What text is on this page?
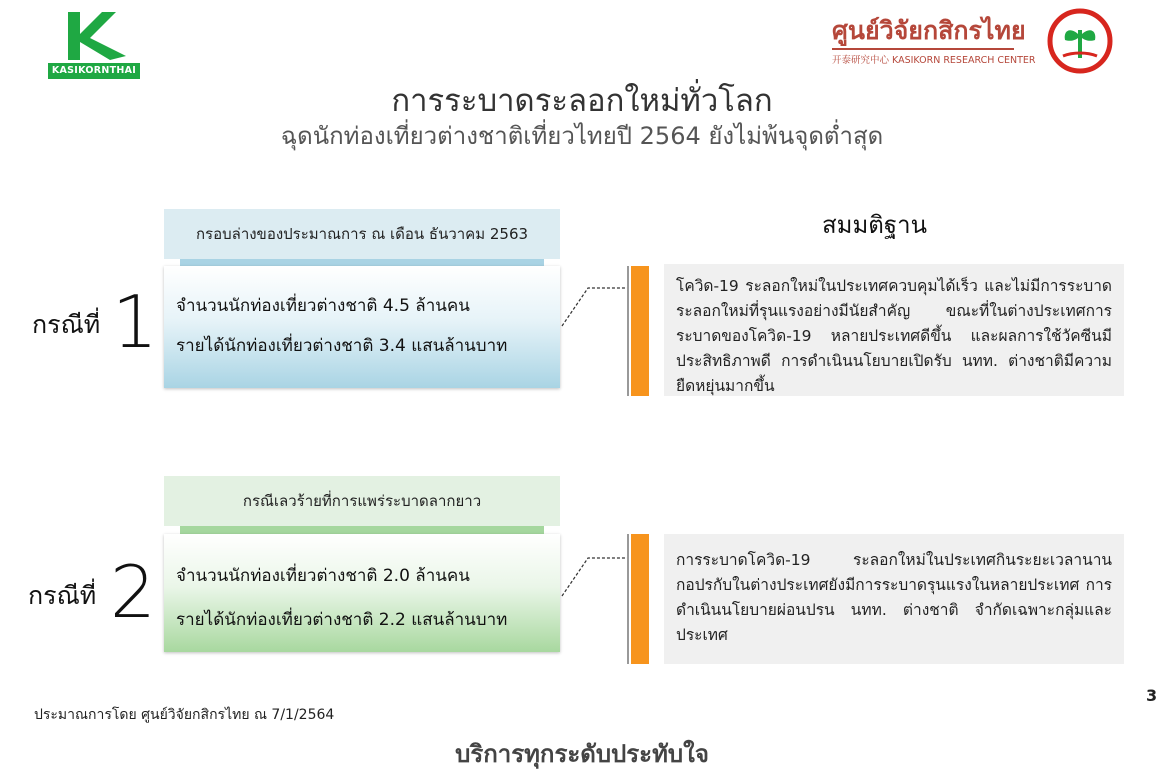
KASIKORNTHAI
ศูนย์วิจัยกสิกรไทย
开泰研究中心 KASIKORN RESEARCH CENTER
การระบาดระลอกใหม่ทั่วโลก
ฉุดนักท่องเที่ยวต่างชาติเที่ยวไทยปี 2564 ยังไม่พ้นจุดต่ำสุด
สมมติฐาน
กรณีที่ 1
กรอบล่างของประมาณการ ณ เดือน ธันวาคม 2563
จำนวนนักท่องเที่ยวต่างชาติ 4.5 ล้านคน
รายได้นักท่องเที่ยวต่างชาติ 3.4 แสนล้านบาท
โควิด-19 ระลอกใหม่ในประเทศควบคุมได้เร็ว และไม่มีการระบาดระลอกใหม่ที่รุนแรงอย่างมีนัยสำคัญ ขณะที่ในต่างประเทศการระบาดของโควิด-19 หลายประเทศดีขึ้น และผลการใช้วัคซีนมีประสิทธิภาพดี การดำเนินนโยบายเปิดรับ นทท. ต่างชาติมีความยืดหยุ่นมากขึ้น
กรณีที่ 2
กรณีเลวร้ายที่การแพร่ระบาดลากยาว
จำนวนนักท่องเที่ยวต่างชาติ 2.0 ล้านคน
รายได้นักท่องเที่ยวต่างชาติ 2.2 แสนล้านบาท
การระบาดโควิด-19 ระลอกใหม่ในประเทศกินระยะเวลานาน กอปรกับในต่างประเทศยังมีการระบาดรุนแรงในหลายประเทศ การดำเนินนโยบายผ่อนปรน นทท. ต่างชาติ จำกัดเฉพาะกลุ่มและประเทศ
ประมาณการโดย ศูนย์วิจัยกสิกรไทย ณ 7/1/2564
3
บริการทุกระดับประทับใจ
